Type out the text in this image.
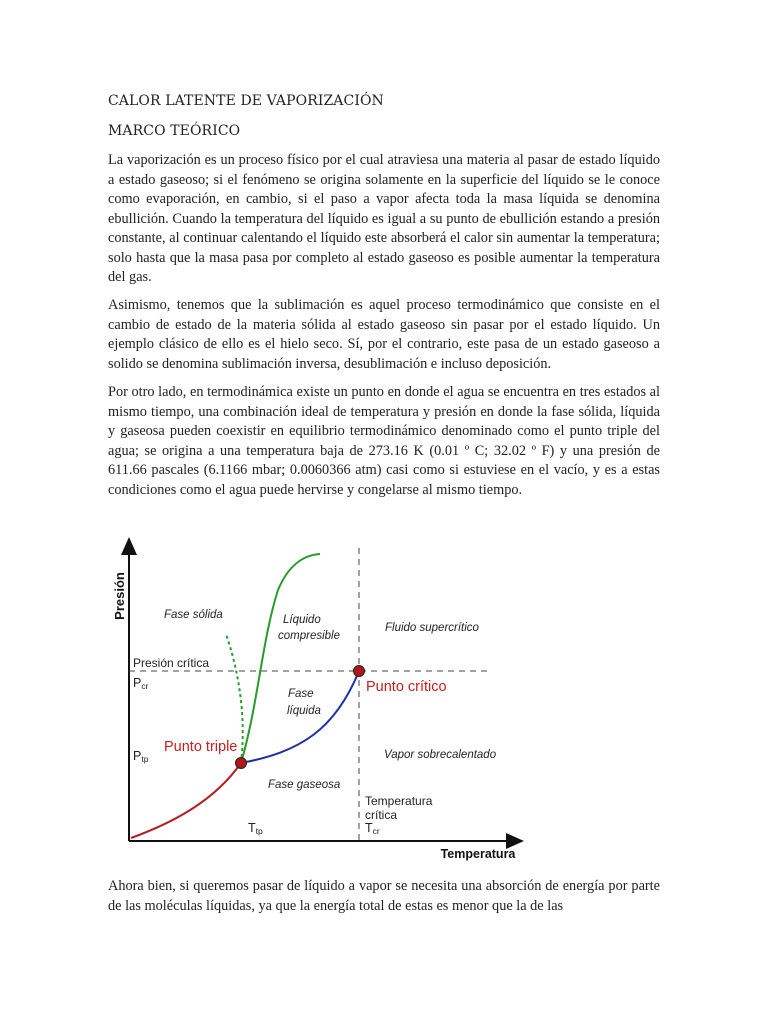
CALOR LATENTE DE VAPORIZACIÓN
MARCO TEÓRICO

La vaporización es un proceso físico por el cual atraviesa una materia al pasar de estado líquido a estado gaseoso; si el fenómeno se origina solamente en la superficie del líquido se le conoce como evaporación, en cambio, si el paso a vapor afecta toda la masa líquida se denomina ebullición. Cuando la temperatura del líquido es igual a su punto de ebullición estando a presión constante, al continuar calentando el líquido este absorberá el calor sin aumentar la temperatura; solo hasta que la masa pasa por completo al estado gaseoso es posible aumentar la temperatura del gas.

Asimismo, tenemos que la sublimación es aquel proceso termodinámico que consiste en el cambio de estado de la materia sólida al estado gaseoso sin pasar por el estado líquido. Un ejemplo clásico de ello es el hielo seco. Sí, por el contrario, este pasa de un estado gaseoso a solido se denomina sublimación inversa, desublimación e incluso deposición.

Por otro lado, en termodinámica existe un punto en donde el agua se encuentra en tres estados al mismo tiempo, una combinación ideal de temperatura y presión en donde la fase sólida, líquida y gaseosa pueden coexistir en equilibrio termodinámico denominado como el punto triple del agua; se origina a una temperatura baja de 273.16 K (0.01 º C; 32.02 º F) y una presión de 611.66 pascales (6.1166 mbar; 0.0060366 atm) casi como si estuviese en el vacío, y es a estas condiciones como el agua puede hervirse y congelarse al mismo tiempo.

Presión
Temperatura
Fase sólida	Líquido
compresible
Fluido supercrítico
Fase
líquida
Fase gaseosa
Vapor sobrecalentado
Presión crítica
Pcr
Ptp
Ttp
Temperatura
crítica
Tcr
Punto triple
Punto crítico

Ahora bien, si queremos pasar de líquido a vapor se necesita una absorción de energía por parte de las moléculas líquidas, ya que la energía total de estas es menor que la de las
